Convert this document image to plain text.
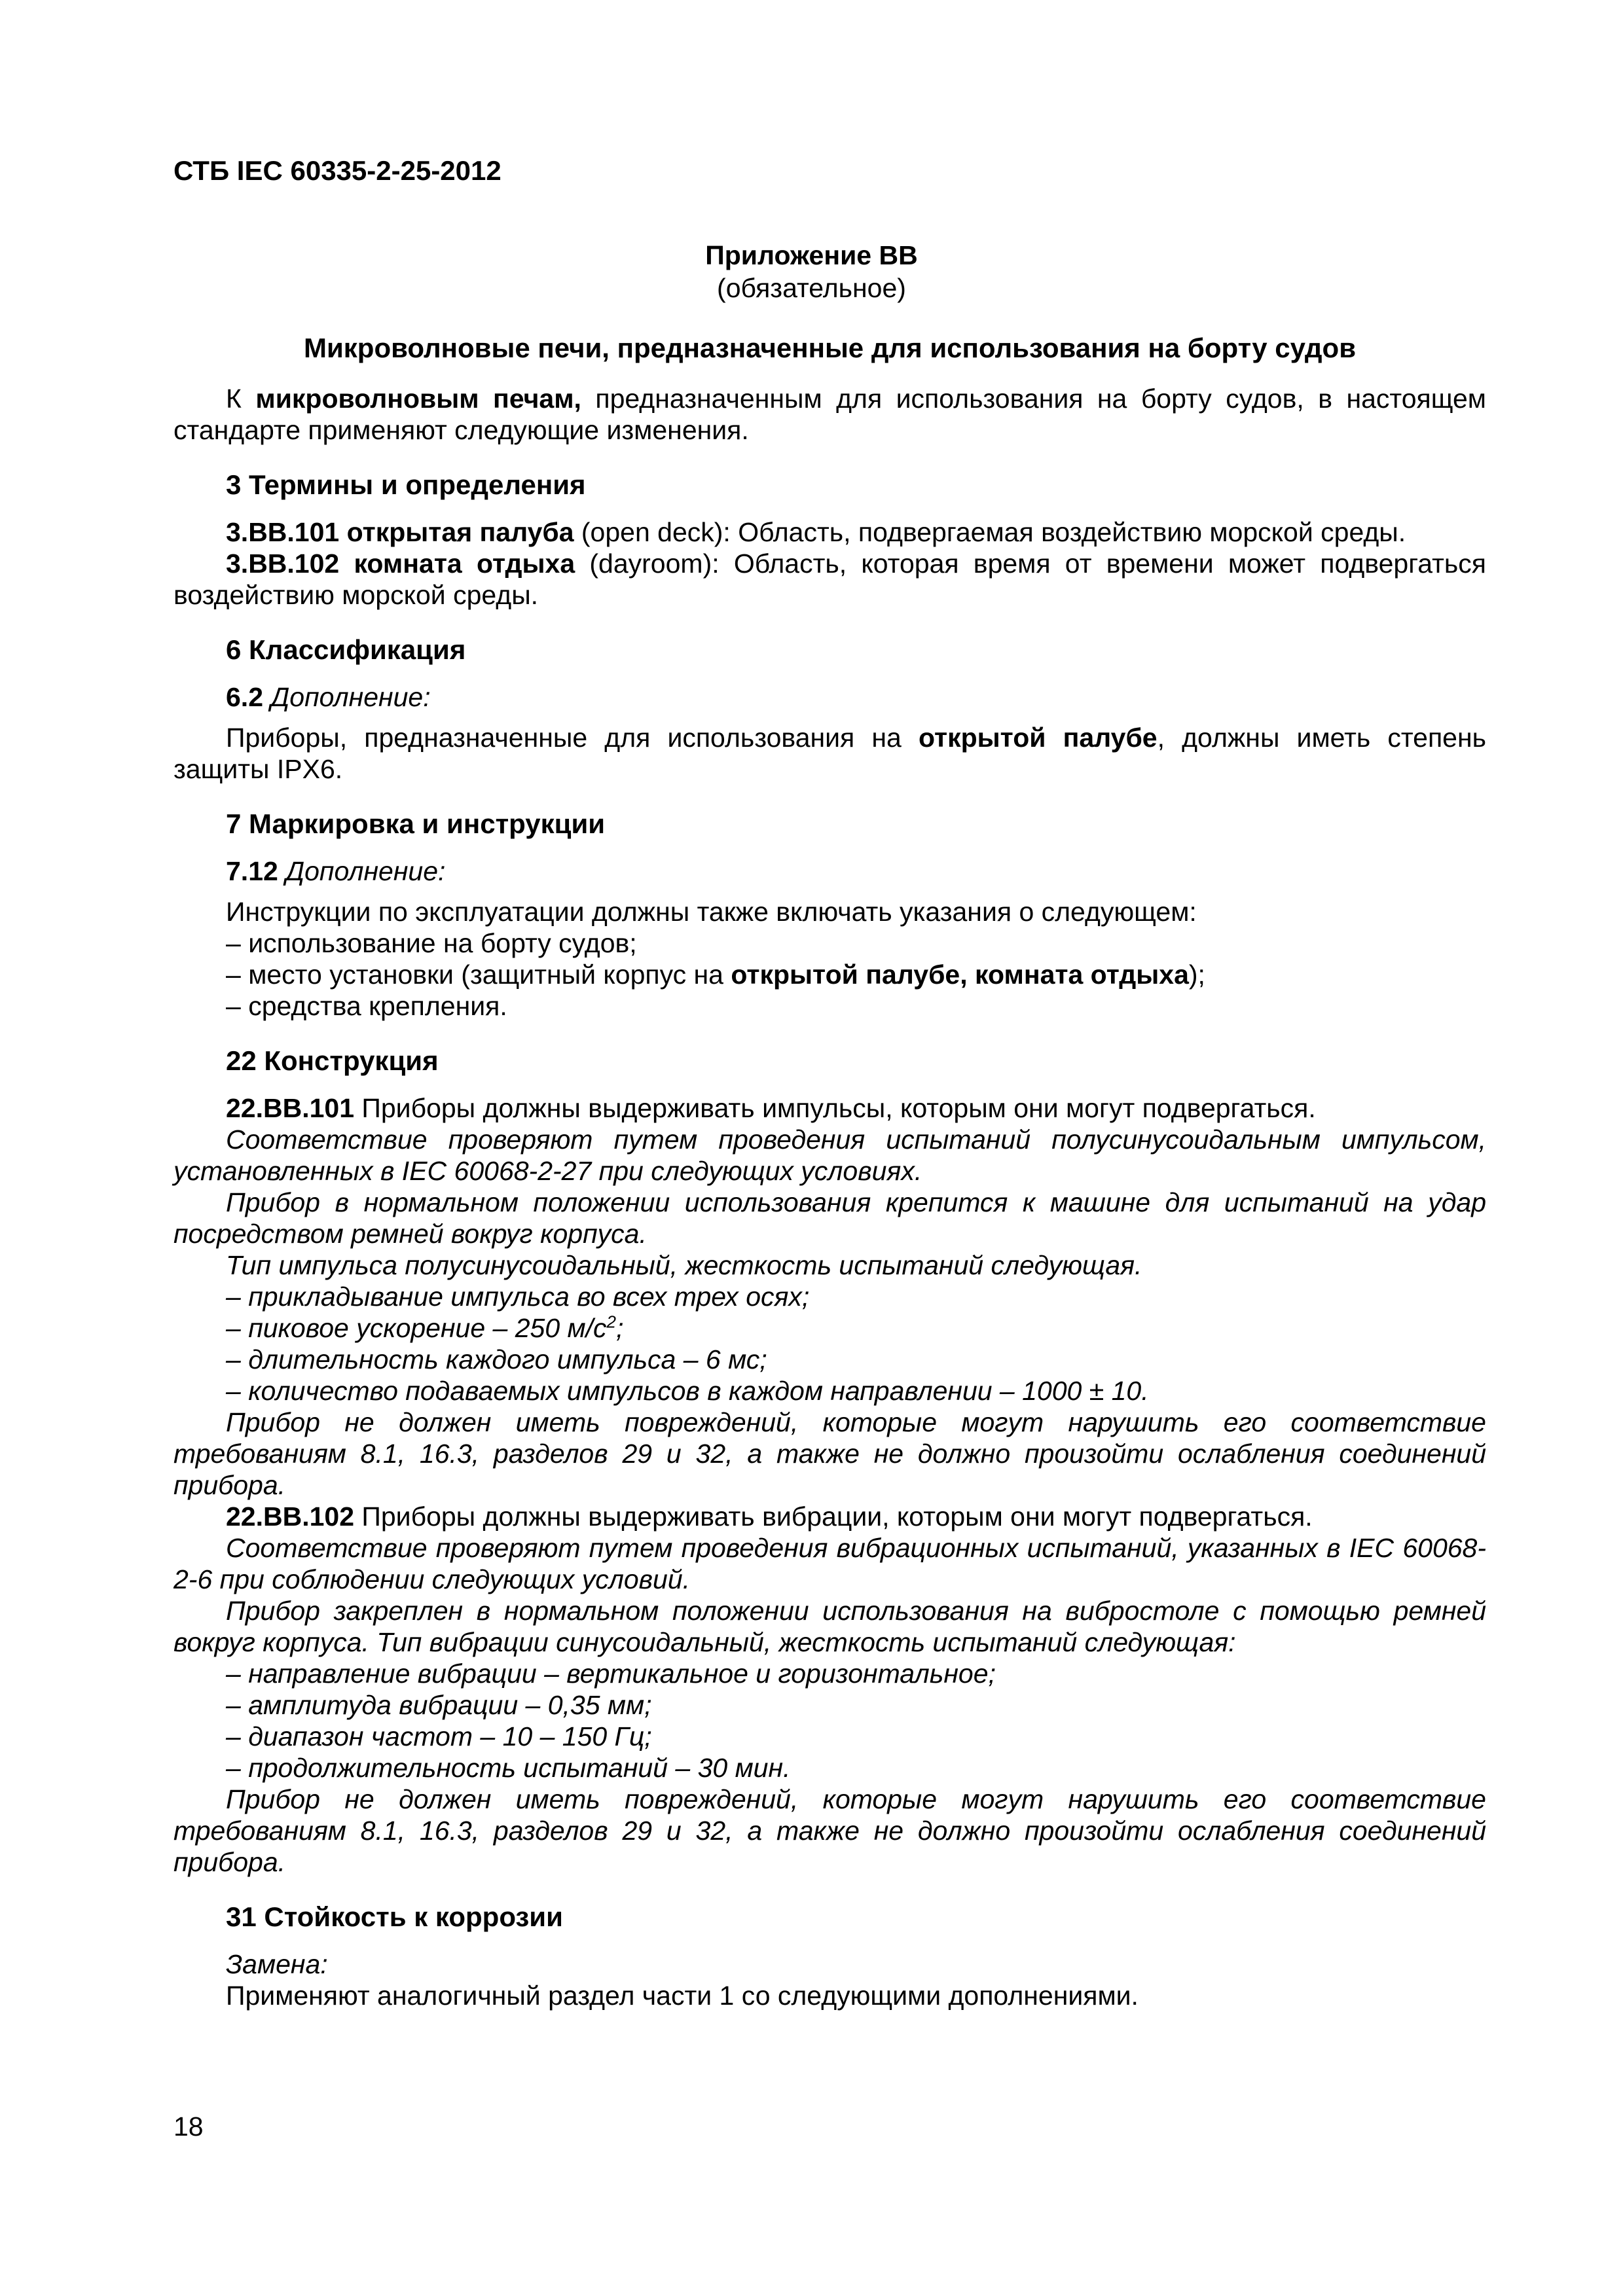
СТБ IEC 60335-2-25-2012

Приложение ВВ
(обязательное)

Микроволновые печи, предназначенные для использования на борту судов

К микроволновым печам, предназначенным для использования на борту судов, в настоящем стандарте применяют следующие изменения.

3 Термины и определения

3.ВВ.101 открытая палуба (open deck): Область, подвергаемая воздействию морской среды.

3.ВВ.102 комната отдыха (dayroom): Область, которая время от времени может подвергаться воздействию морской среды.

6 Классификация

6.2 Дополнение:

Приборы, предназначенные для использования на открытой палубе, должны иметь степень защиты IPX6.

7 Маркировка и инструкции

7.12 Дополнение:

Инструкции по эксплуатации должны также включать указания о следующем:

– использование на борту судов;

– место установки (защитный корпус на открытой палубе, комната отдыха);

– средства крепления.

22 Конструкция

22.ВВ.101 Приборы должны выдерживать импульсы, которым они могут подвергаться.

Соответствие проверяют путем проведения испытаний полусинусоидальным импульсом, установленных в IEC 60068-2-27 при следующих условиях.

Прибор в нормальном положении использования крепится к машине для испытаний на удар посредством ремней вокруг корпуса.

Тип импульса полусинусоидальный, жесткость испытаний следующая.

– прикладывание импульса во всех трех осях;

– пиковое ускорение – 250 $м/с^2$;

– длительность каждого импульса – 6 мс;

– количество подаваемых импульсов в каждом направлении – 1000 ± 10.

Прибор не должен иметь повреждений, которые могут нарушить его соответствие требованиям 8.1, 16.3, разделов 29 и 32, а также не должно произойти ослабления соединений прибора.

22.ВВ.102 Приборы должны выдерживать вибрации, которым они могут подвергаться.

Соответствие проверяют путем проведения вибрационных испытаний, указанных в IEC 60068-2-6 при соблюдении следующих условий.

Прибор закреплен в нормальном положении использования на вибростоле с помощью ремней вокруг корпуса. Тип вибрации синусоидальный, жесткость испытаний следующая:

– направление вибрации – вертикальное и горизонтальное;

– амплитуда вибрации – 0,35 мм;

– диапазон частот – 10 – 150 Гц;

– продолжительность испытаний – 30 мин.

Прибор не должен иметь повреждений, которые могут нарушить его соответствие требованиям 8.1, 16.3, разделов 29 и 32, а также не должно произойти ослабления соединений прибора.

31 Стойкость к коррозии

Замена:

Применяют аналогичный раздел части 1 со следующими дополнениями.

18
